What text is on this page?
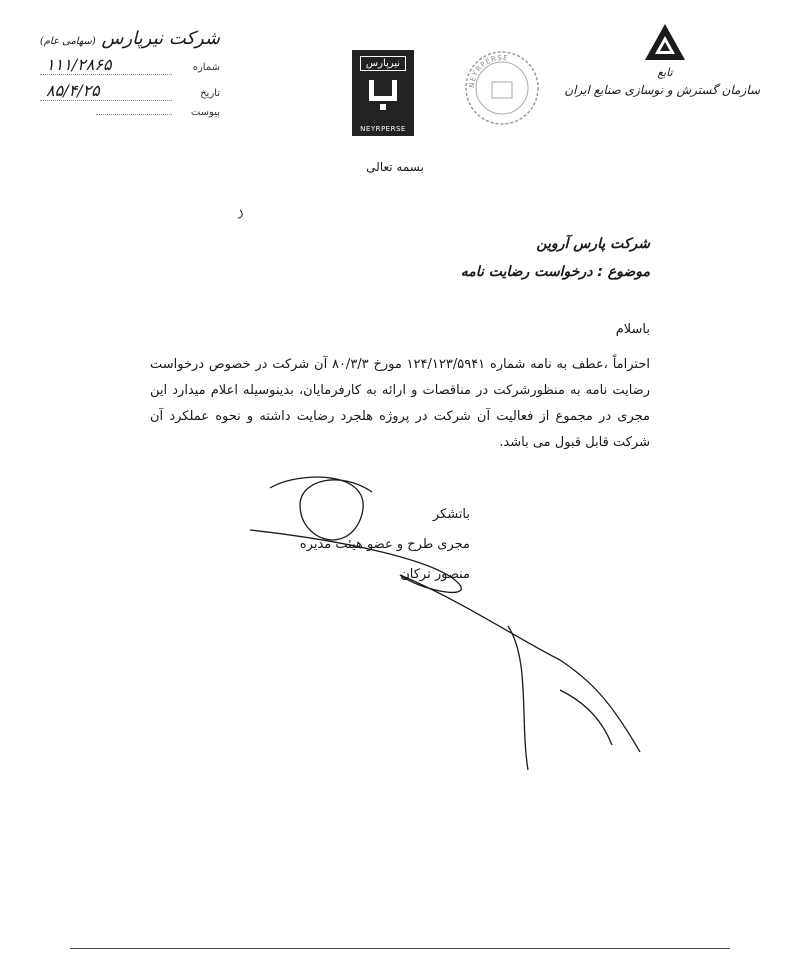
شرکت نیرپارس (سهامی عام)
شماره
۱۱۱/۲۸۶۵
تاریخ
۸۵/۴/۲۵
پیوست
نیرپارس
NEYRPERSE
NEYRPERSE
تابع
سازمان گسترش و نوسازی صنایع ایران
بسمه تعالی
شرکت پارس آروین
موضوع : درخواست رضایت نامه
باسلام
احتراماً ،عطف به نامه شماره ۱۲۴/۱۲۳/۵۹۴۱ مورخ ۸۰/۳/۳ آن شرکت در خصوص درخواست رضایت نامه به منظورشرکت در مناقصات و ارائه به کارفرمایان، بدینوسیله اعلام میدارد این مجری در مجموع از فعالیت آن شرکت در پروژه هلجرد رضایت داشته و نحوه عملکرد آن شرکت قابل قبول می باشد.
باتشکر
مجری طرح و عضو هیئت مدیره
منصور ترکان
